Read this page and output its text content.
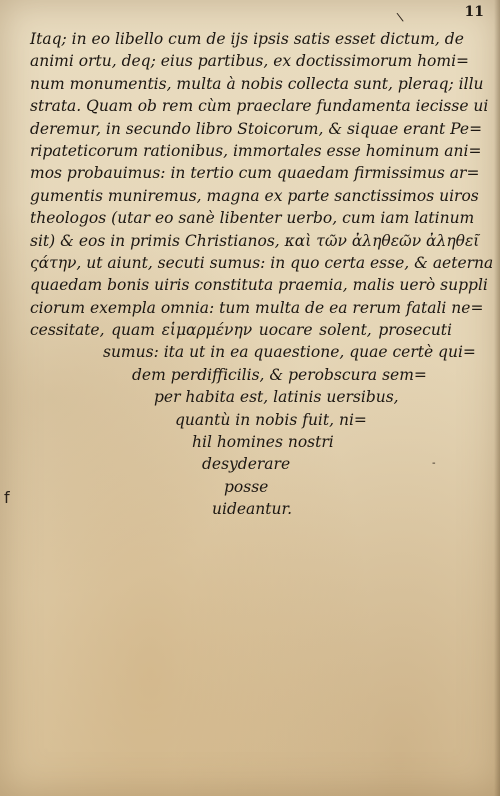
11
\
f
-
Itaq; in eo libello cum de ijs ipsis satis esset dictum, de
animi ortu, deq; eius partibus, ex doctissimorum homi=
num monumentis, multa à nobis collecta sunt, pleraq; illu
strata. Quam ob rem cùm praeclare fundamenta iecisse ui
deremur, in secundo libro Stoicorum, & siquae erant Pe=
ripateticorum rationibus, immortales esse hominum ani=
mos probauimus: in tertio cum quaedam firmissimus ar=
gumentis muniremus, magna ex parte sanctissimos uiros
theologos (utar eo sanè libenter uerbo, cum iam latinum
sit) & eos in primis Christianos, καὶ τῶν ἀληθεῶν ἀληθεῖ
ςάτην, ut aiunt, secuti sumus: in quo certa esse, & aeterna
quaedam bonis uiris constituta praemia, malis uerò suppli
ciorum exempla omnia: tum multa de ea rerum fatali ne=
cessitate, quam εἱμαρμένην uocare solent, prosecuti
sumus: ita ut in ea quaestione, quae certè qui=
dem perdifficilis, & perobscura sem=
per habita est, latinis uersibus,
quantù in nobis fuit, ni=
hil homines nostri
desyderare
posse
uideantur.
